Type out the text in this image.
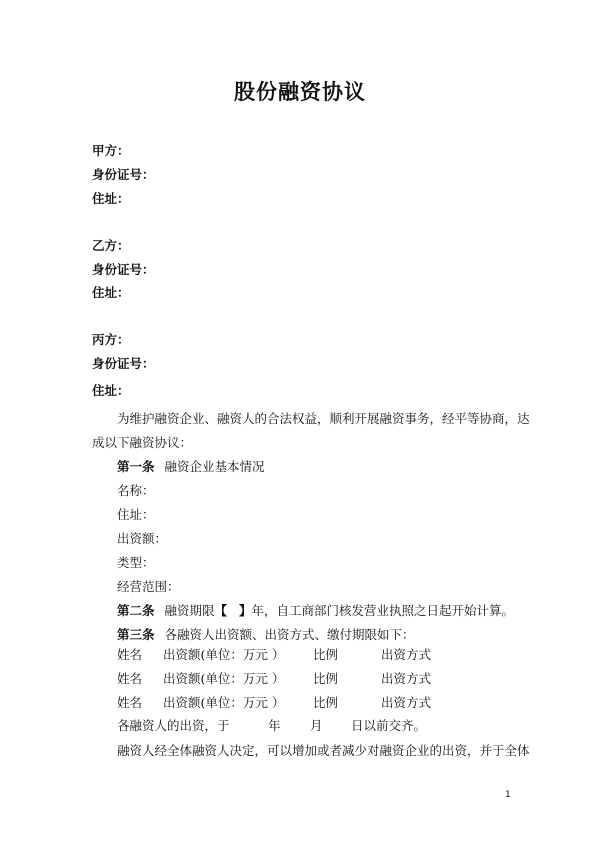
股份融资协议
甲方：
身份证号：
住址：
乙方：
身份证号：
住址：
丙方：
身份证号：
住址：
为维护融资企业、融资人的合法权益，顺利开展融资事务，经平等协商，达
成以下融资协议：
第一条 融资企业基本情况
名称：
住址：
出资额：
类型：
经营范围：
第二条 融资期限【 】年，自工商部门核发营业执照之日起开始计算。
第三条 各融资人出资额、出资方式、缴付期限如下：
姓名 出资额(单位：万元 ） 比例	出资方式
姓名 出资额(单位：万元 ） 比例	出资方式
姓名 出资额(单位：万元 ） 比例	出资方式
各融资人的出资，于	年 月 日以前交齐。
融资人经全体融资人决定，可以增加或者减少对融资企业的出资，并于全体
1
